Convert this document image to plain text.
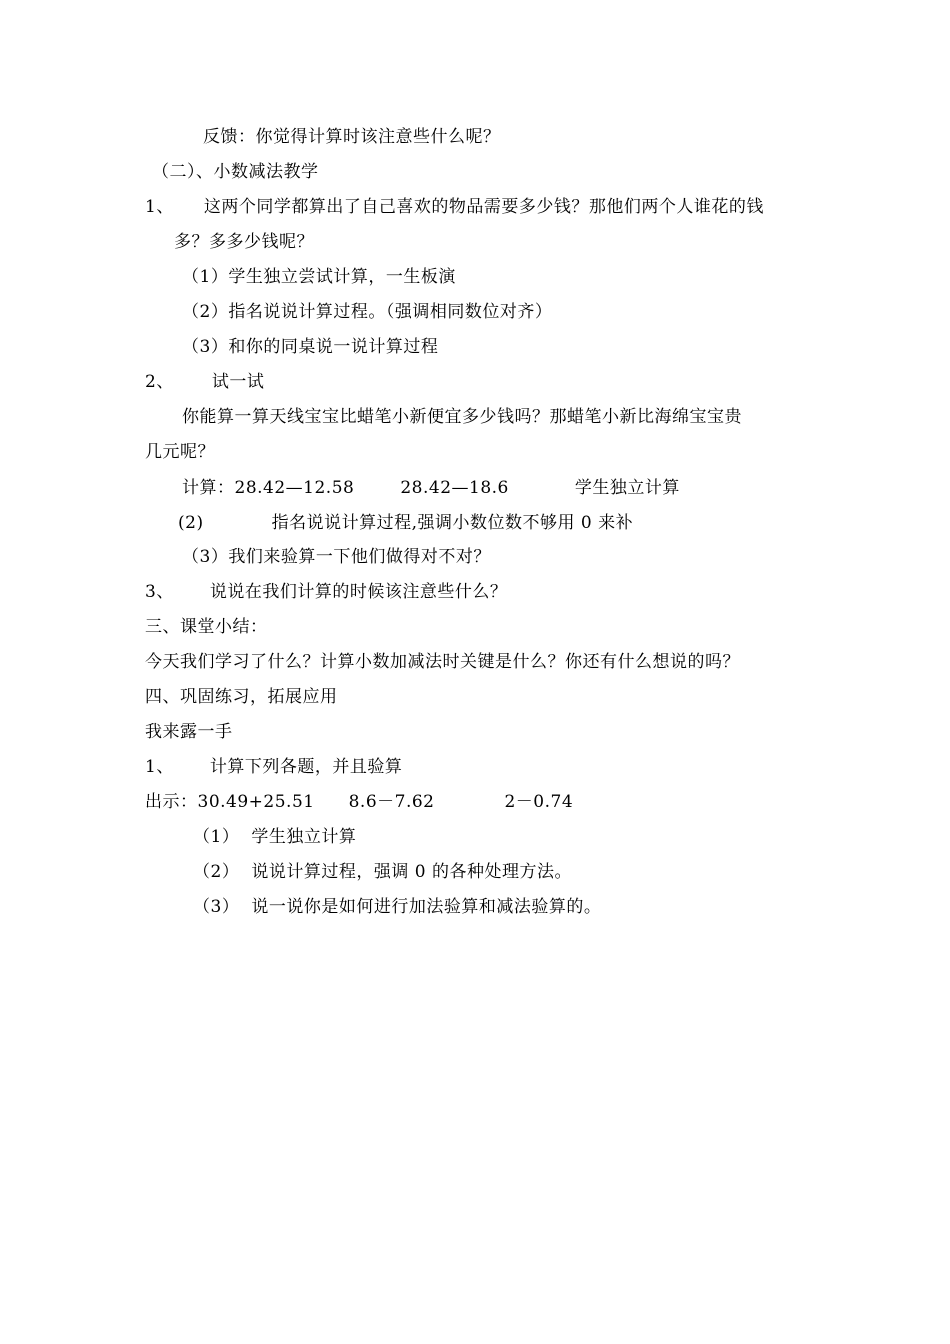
反馈：你觉得计算时该注意些什么呢？
（二）、小数减法教学
1、 这两个同学都算出了自己喜欢的物品需要多少钱？那他们两个人谁花的钱
多？多多少钱呢？
（1）学生独立尝试计算，一生板演
（2）指名说说计算过程。（强调相同数位对齐）
（3）和你的同桌说一说计算过程
2、 试一试
你能算一算天线宝宝比蜡笔小新便宜多少钱吗？那蜡笔小新比海绵宝宝贵
几元呢？
计算：28.42—12.58	28.42—18.6	学生独立计算
(2)	指名说说计算过程,强调小数位数不够用 0 来补
（3）我们来验算一下他们做得对不对？
3、 说说在我们计算的时候该注意些什么？
三、课堂小结：
今天我们学习了什么？计算小数加减法时关键是什么？你还有什么想说的吗？
四、巩固练习，拓展应用
我来露一手
1、 计算下列各题，并且验算
出示：30.49+25.51 8.6－7.62	2－0.74
（1） 学生独立计算
（2） 说说计算过程，强调 0 的各种处理方法。
（3） 说一说你是如何进行加法验算和减法验算的。
